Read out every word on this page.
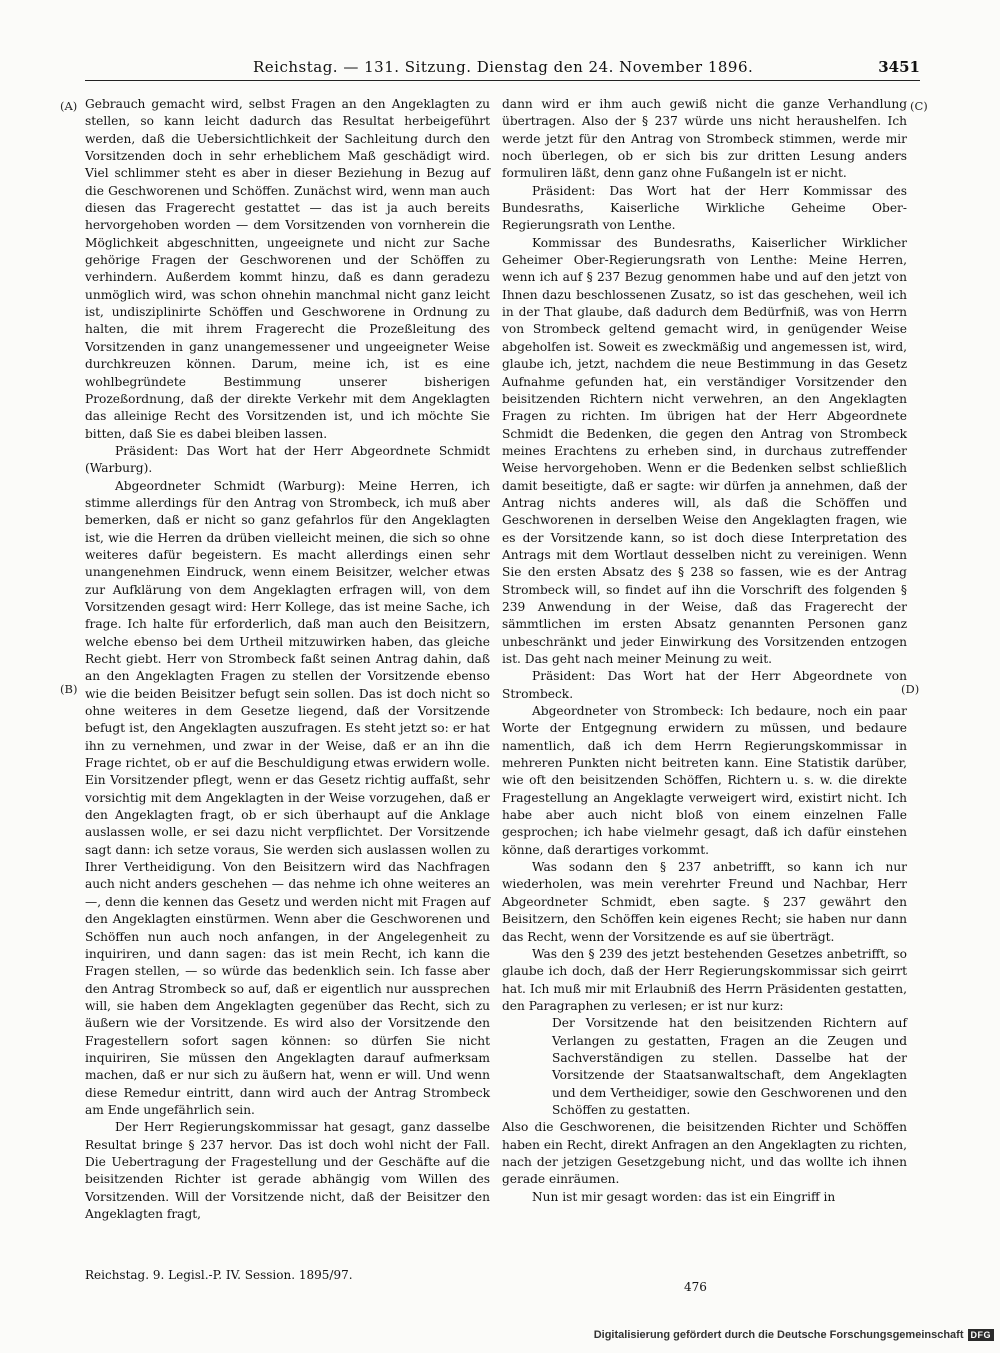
Reichstag. — 131. Sitzung. Dienstag den 24. November 1896.	3451
(A)
(B)
(C)
(D)

Gebrauch gemacht wird, selbst Fragen an den Angeklagten zu stellen, so kann leicht dadurch das Resultat herbeigeführt werden, daß die Uebersichtlichkeit der Sachleitung durch den Vorsitzenden doch in sehr erheblichem Maß geschädigt wird. Viel schlimmer steht es aber in dieser Beziehung in Bezug auf die Geschworenen und Schöffen. Zunächst wird, wenn man auch diesen das Fragerecht gestattet — das ist ja auch bereits hervorgehoben worden — dem Vorsitzenden von vornherein die Möglichkeit abgeschnitten, ungeeignete und nicht zur Sache gehörige Fragen der Geschworenen und der Schöffen zu verhindern. Außerdem kommt hinzu, daß es dann geradezu unmöglich wird, was schon ohnehin manchmal nicht ganz leicht ist, undisziplinirte Schöffen und Geschworene in Ordnung zu halten, die mit ihrem Fragerecht die Prozeßleitung des Vorsitzenden in ganz unangemessener und ungeeigneter Weise durchkreuzen können. Darum, meine ich, ist es eine wohlbegründete Bestimmung unserer bisherigen Prozeßordnung, daß der direkte Verkehr mit dem Angeklagten das alleinige Recht des Vorsitzenden ist, und ich möchte Sie bitten, daß Sie es dabei bleiben lassen.

Präsident: Das Wort hat der Herr Abgeordnete Schmidt (Warburg).

Abgeordneter Schmidt (Warburg): Meine Herren, ich stimme allerdings für den Antrag von Strombeck, ich muß aber bemerken, daß er nicht so ganz gefahrlos für den Angeklagten ist, wie die Herren da drüben vielleicht meinen, die sich so ohne weiteres dafür begeistern. Es macht allerdings einen sehr unangenehmen Eindruck, wenn einem Beisitzer, welcher etwas zur Aufklärung von dem Angeklagten erfragen will, von dem Vorsitzenden gesagt wird: Herr Kollege, das ist meine Sache, ich frage. Ich halte für erforderlich, daß man auch den Beisitzern, welche ebenso bei dem Urtheil mitzuwirken haben, das gleiche Recht giebt. Herr von Strombeck faßt seinen Antrag dahin, daß an den Angeklagten Fragen zu stellen der Vorsitzende ebenso wie die beiden Beisitzer befugt sein sollen. Das ist doch nicht so ohne weiteres in dem Gesetze liegend, daß der Vorsitzende befugt ist, den Angeklagten auszufragen. Es steht jetzt so: er hat ihn zu vernehmen, und zwar in der Weise, daß er an ihn die Frage richtet, ob er auf die Beschuldigung etwas erwidern wolle. Ein Vorsitzender pflegt, wenn er das Gesetz richtig auffaßt, sehr vorsichtig mit dem Angeklagten in der Weise vorzugehen, daß er den Angeklagten fragt, ob er sich überhaupt auf die Anklage auslassen wolle, er sei dazu nicht verpflichtet. Der Vorsitzende sagt dann: ich setze voraus, Sie werden sich auslassen wollen zu Ihrer Vertheidigung. Von den Beisitzern wird das Nachfragen auch nicht anders geschehen — das nehme ich ohne weiteres an —, denn die kennen das Gesetz und werden nicht mit Fragen auf den Angeklagten einstürmen. Wenn aber die Geschworenen und Schöffen nun auch noch anfangen, in der Angelegenheit zu inquiriren, und dann sagen: das ist mein Recht, ich kann die Fragen stellen, — so würde das bedenklich sein. Ich fasse aber den Antrag Strombeck so auf, daß er eigentlich nur aussprechen will, sie haben dem Angeklagten gegenüber das Recht, sich zu äußern wie der Vorsitzende. Es wird also der Vorsitzende den Fragestellern sofort sagen können: so dürfen Sie nicht inquiriren, Sie müssen den Angeklagten darauf aufmerksam machen, daß er nur sich zu äußern hat, wenn er will. Und wenn diese Remedur eintritt, dann wird auch der Antrag Strombeck am Ende ungefährlich sein.

Der Herr Regierungskommissar hat gesagt, ganz dasselbe Resultat bringe § 237 hervor. Das ist doch wohl nicht der Fall. Die Uebertragung der Fragestellung und der Geschäfte auf die beisitzenden Richter ist gerade abhängig vom Willen des Vorsitzenden. Will der Vorsitzende nicht, daß der Beisitzer den Angeklagten fragt,

dann wird er ihm auch gewiß nicht die ganze Verhandlung übertragen. Also der § 237 würde uns nicht heraushelfen. Ich werde jetzt für den Antrag von Strombeck stimmen, werde mir noch überlegen, ob er sich bis zur dritten Lesung anders formuliren läßt, denn ganz ohne Fußangeln ist er nicht.

Präsident: Das Wort hat der Herr Kommissar des Bundesraths, Kaiserliche Wirkliche Geheime Ober-Regierungsrath von Lenthe.

Kommissar des Bundesraths, Kaiserlicher Wirklicher Geheimer Ober-Regierungsrath von Lenthe: Meine Herren, wenn ich auf § 237 Bezug genommen habe und auf den jetzt von Ihnen dazu beschlossenen Zusatz, so ist das geschehen, weil ich in der That glaube, daß dadurch dem Bedürfniß, was von Herrn von Strombeck geltend gemacht wird, in genügender Weise abgeholfen ist. Soweit es zweckmäßig und angemessen ist, wird, glaube ich, jetzt, nachdem die neue Bestimmung in das Gesetz Aufnahme gefunden hat, ein verständiger Vorsitzender den beisitzenden Richtern nicht verwehren, an den Angeklagten Fragen zu richten. Im übrigen hat der Herr Abgeordnete Schmidt die Bedenken, die gegen den Antrag von Strombeck meines Erachtens zu erheben sind, in durchaus zutreffender Weise hervorgehoben. Wenn er die Bedenken selbst schließlich damit beseitigte, daß er sagte: wir dürfen ja annehmen, daß der Antrag nichts anderes will, als daß die Schöffen und Geschworenen in derselben Weise den Angeklagten fragen, wie es der Vorsitzende kann, so ist doch diese Interpretation des Antrags mit dem Wortlaut desselben nicht zu vereinigen. Wenn Sie den ersten Absatz des § 238 so fassen, wie es der Antrag Strombeck will, so findet auf ihn die Vorschrift des folgenden § 239 Anwendung in der Weise, daß das Fragerecht der sämmtlichen im ersten Absatz genannten Personen ganz unbeschränkt und jeder Einwirkung des Vorsitzenden entzogen ist. Das geht nach meiner Meinung zu weit.

Präsident: Das Wort hat der Herr Abgeordnete von Strombeck.

Abgeordneter von Strombeck: Ich bedaure, noch ein paar Worte der Entgegnung erwidern zu müssen, und bedaure namentlich, daß ich dem Herrn Regierungskommissar in mehreren Punkten nicht beitreten kann. Eine Statistik darüber, wie oft den beisitzenden Schöffen, Richtern u. s. w. die direkte Fragestellung an Angeklagte verweigert wird, existirt nicht. Ich habe aber auch nicht bloß von einem einzelnen Falle gesprochen; ich habe vielmehr gesagt, daß ich dafür einstehen könne, daß derartiges vorkommt.

Was sodann den § 237 anbetrifft, so kann ich nur wiederholen, was mein verehrter Freund und Nachbar, Herr Abgeordneter Schmidt, eben sagte. § 237 gewährt den Beisitzern, den Schöffen kein eigenes Recht; sie haben nur dann das Recht, wenn der Vorsitzende es auf sie überträgt.

Was den § 239 des jetzt bestehenden Gesetzes anbetrifft, so glaube ich doch, daß der Herr Regierungskommissar sich geirrt hat. Ich muß mir mit Erlaubniß des Herrn Präsidenten gestatten, den Paragraphen zu verlesen; er ist nur kurz:

Der Vorsitzende hat den beisitzenden Richtern auf Verlangen zu gestatten, Fragen an die Zeugen und Sachverständigen zu stellen. Dasselbe hat der Vorsitzende der Staatsanwaltschaft, dem Angeklagten und dem Vertheidiger, sowie den Geschworenen und den Schöffen zu gestatten.

Also die Geschworenen, die beisitzenden Richter und Schöffen haben ein Recht, direkt Anfragen an den Angeklagten zu richten, nach der jetzigen Gesetzgebung nicht, und das wollte ich ihnen gerade einräumen.

Nun ist mir gesagt worden: das ist ein Eingriff in

Reichstag. 9. Legisl.-P. IV. Session. 1895/97.
476
Digitalisierung gefördert durch die Deutsche Forschungsgemeinschaft DFG
